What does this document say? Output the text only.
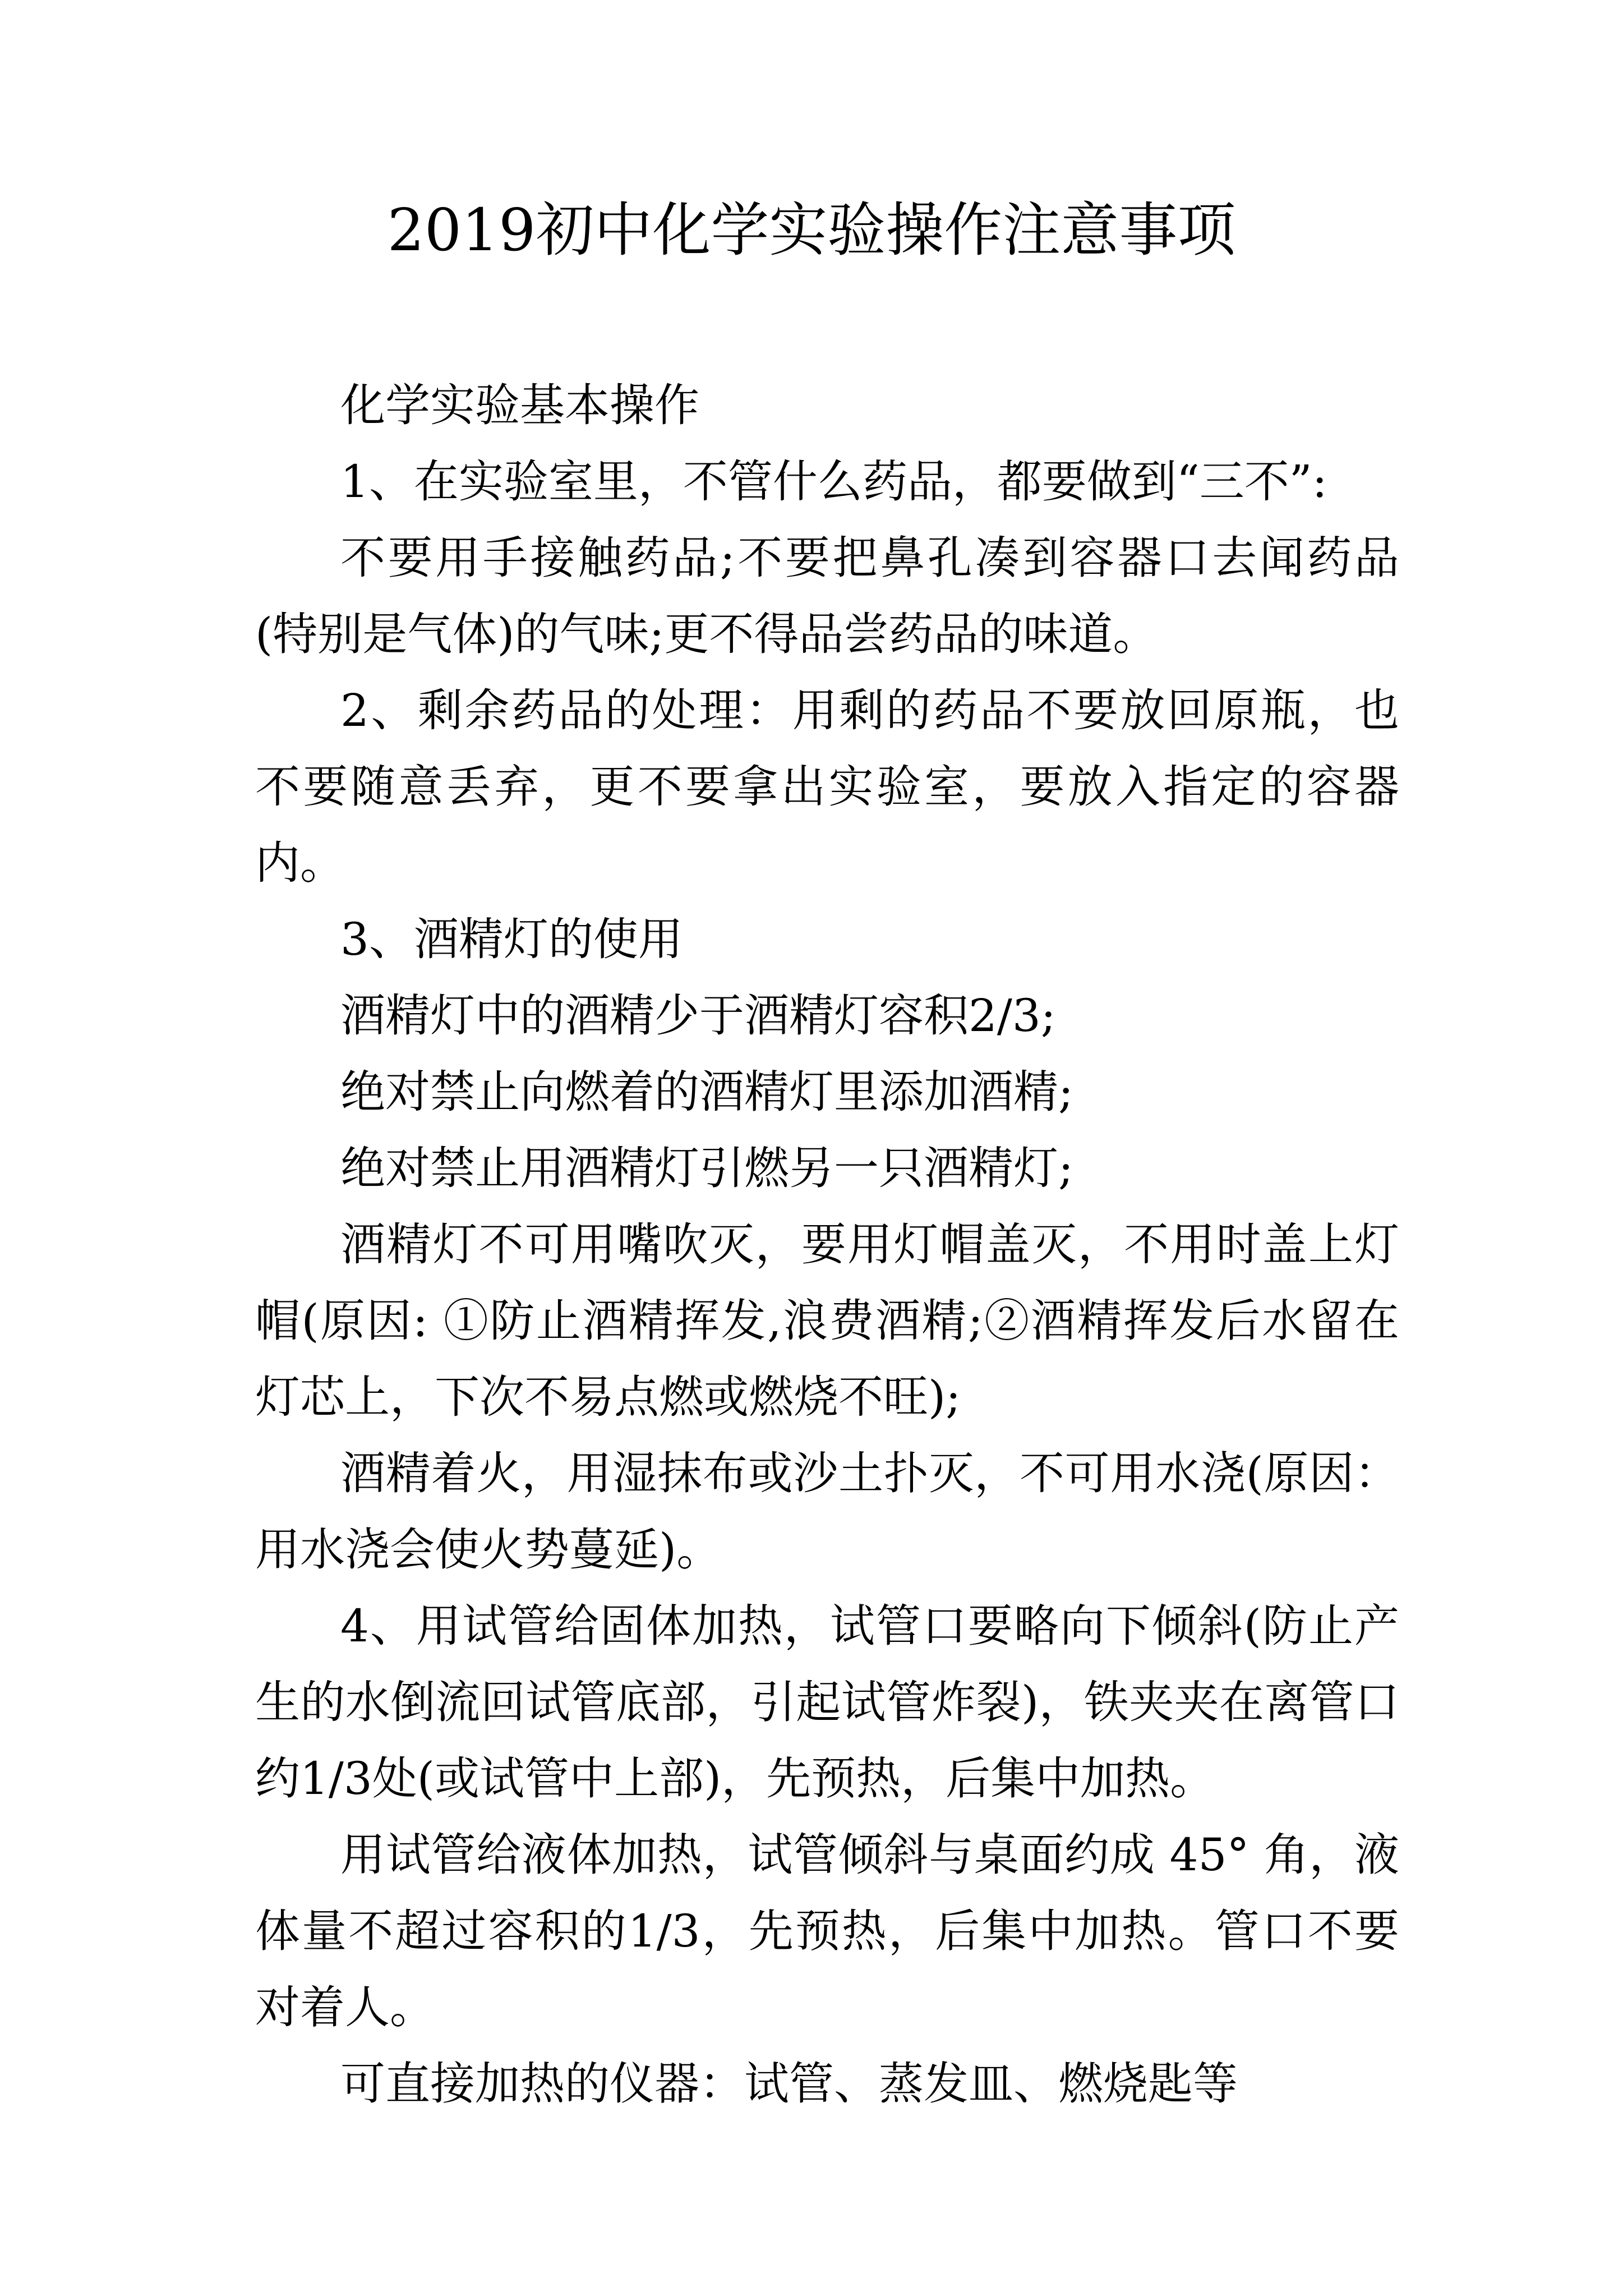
2019初中化学实验操作注意事项

化学实验基本操作

1、在实验室里，不管什么药品，都要做到“三不”:

不要用手接触药品;不要把鼻孔凑到容器口去闻药品(特别是气体)的气味;更不得品尝药品的味道。

2、剩余药品的处理：用剩的药品不要放回原瓶，也不要随意丢弃，更不要拿出实验室，要放入指定的容器内。

3、酒精灯的使用

酒精灯中的酒精少于酒精灯容积2/3;

绝对禁止向燃着的酒精灯里添加酒精;

绝对禁止用酒精灯引燃另一只酒精灯;

酒精灯不可用嘴吹灭，要用灯帽盖灭，不用时盖上灯帽(原因: ①防止酒精挥发,浪费酒精;②酒精挥发后水留在灯芯上，下次不易点燃或燃烧不旺);

酒精着火，用湿抹布或沙土扑灭，不可用水浇(原因：用水浇会使火势蔓延)。

4、用试管给固体加热，试管口要略向下倾斜(防止产生的水倒流回试管底部，引起试管炸裂)，铁夹夹在离管口约1/3处(或试管中上部)，先预热，后集中加热。

用试管给液体加热，试管倾斜与桌面约成 45° 角，液体量不超过容积的1/3，先预热，后集中加热。管口不要对着人。

可直接加热的仪器：试管、蒸发皿、燃烧匙等
